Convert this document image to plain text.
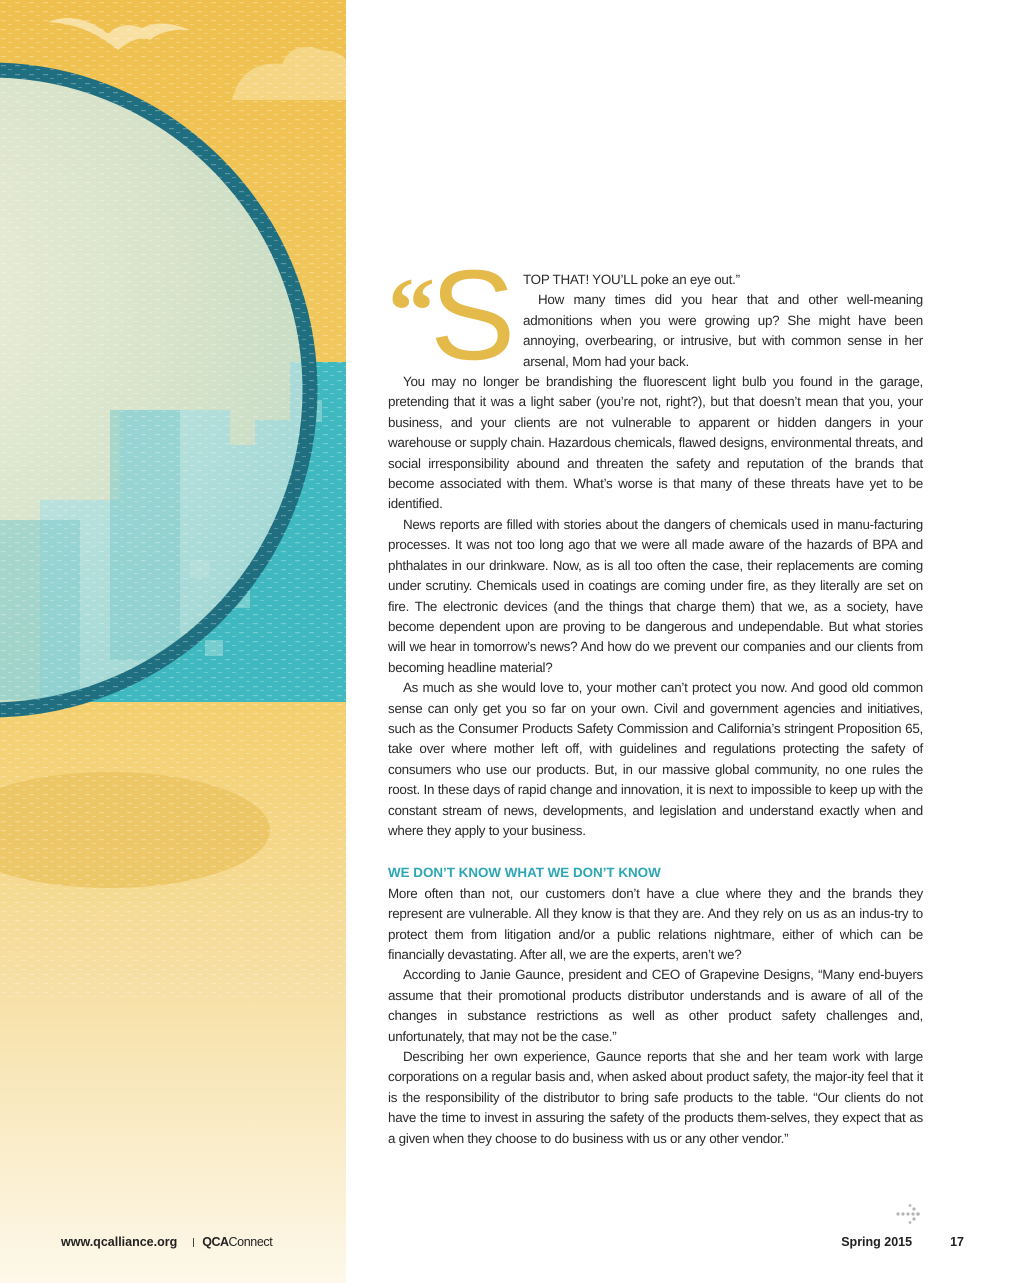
“
S TOP THAT! YOU’LL poke an eye out.”

How many times did you hear that and other well-meaning admonitions when you were growing up? She might have been annoying, overbearing, or intrusive, but with common sense in her arsenal, Mom had your back.

You may no longer be brandishing the fluorescent light bulb you found in the garage, pretending that it was a light saber (you’re not, right?), but that doesn’t mean that you, your business, and your clients are not vulnerable to apparent or hidden dangers in your warehouse or supply chain. Hazardous chemicals, flawed designs, environmental threats, and social irresponsibility abound and threaten the safety and reputation of the brands that become associated with them. What’s worse is that many of these threats have yet to be identified.

News reports are filled with stories about the dangers of chemicals used in manu-facturing processes. It was not too long ago that we were all made aware of the hazards of BPA and phthalates in our drinkware. Now, as is all too often the case, their replacements are coming under scrutiny. Chemicals used in coatings are coming under fire, as they literally are set on fire. The electronic devices (and the things that charge them) that we, as a society, have become dependent upon are proving to be dangerous and undependable. But what stories will we hear in tomorrow’s news? And how do we prevent our companies and our clients from becoming headline material?

As much as she would love to, your mother can’t protect you now. And good old common sense can only get you so far on your own. Civil and government agencies and initiatives, such as the Consumer Products Safety Commission and California’s stringent Proposition 65, take over where mother left off, with guidelines and regulations protecting the safety of consumers who use our products. But, in our massive global community, no one rules the roost. In these days of rapid change and innovation, it is next to impossible to keep up with the constant stream of news, developments, and legislation and understand exactly when and where they apply to your business.

WE DON’T KNOW WHAT WE DON’T KNOW

More often than not, our customers don’t have a clue where they and the brands they represent are vulnerable. All they know is that they are. And they rely on us as an indus-try to protect them from litigation and/or a public relations nightmare, either of which can be financially devastating. After all, we are the experts, aren’t we?

According to Janie Gaunce, president and CEO of Grapevine Designs, “Many end-buyers assume that their promotional products distributor understands and is aware of all of the changes in substance restrictions as well as other product safety challenges and, unfortunately, that may not be the case.”

Describing her own experience, Gaunce reports that she and her team work with large corporations on a regular basis and, when asked about product safety, the major-ity feel that it is the responsibility of the distributor to bring safe products to the table. “Our clients do not have the time to invest in assuring the safety of the products them-selves, they expect that as a given when they choose to do business with us or any other vendor.”

www.qcalliance.org QCAConnect	Spring 2015	17
